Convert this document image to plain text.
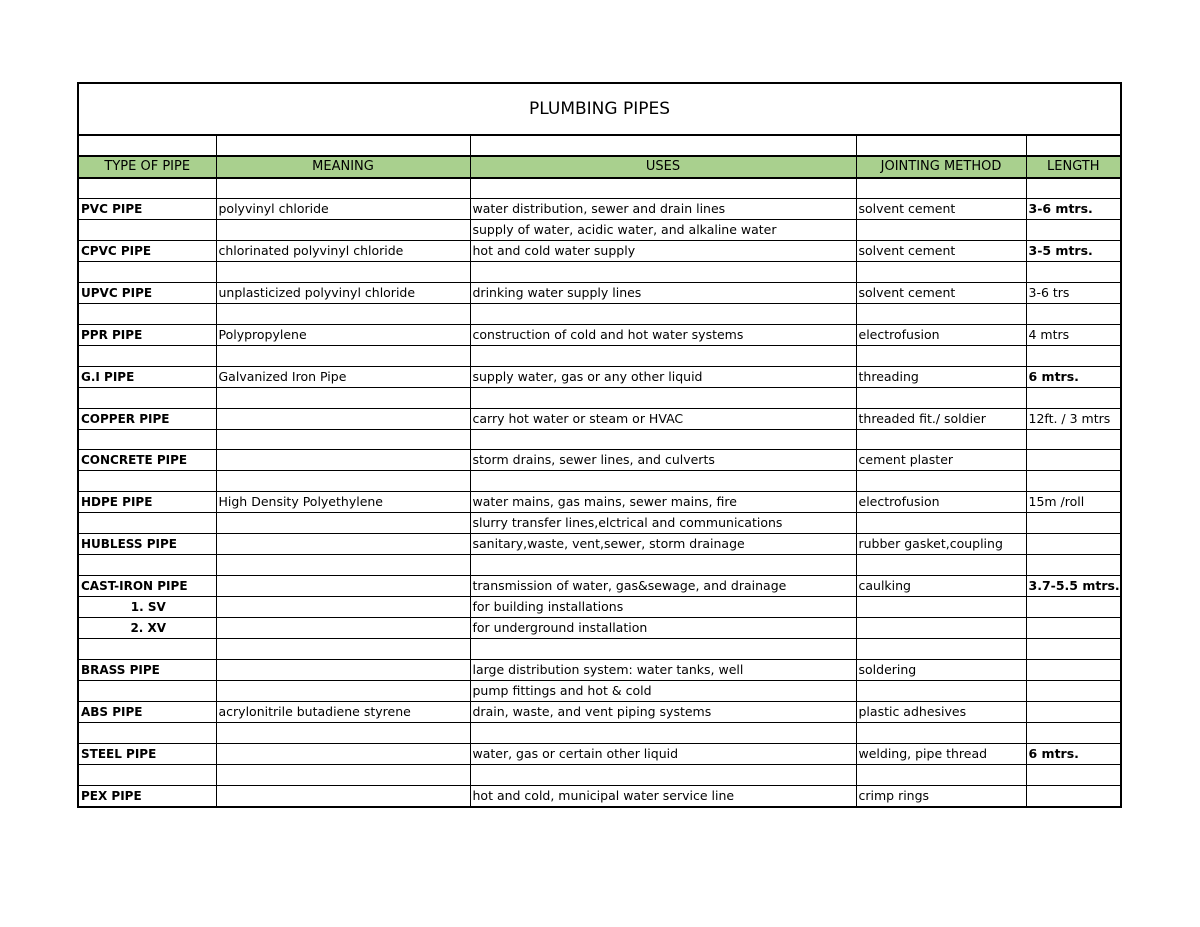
PLUMBING PIPES				

TYPE OF PIPE	MEANING	USES	JOINTING METHOD	LENGTH

PVC PIPE	polyvinyl chloride	water distribution, sewer and drain lines	solvent cement	3-6 mtrs.
		supply of water, acidic water, and alkaline water		
CPVC PIPE	chlorinated polyvinyl chloride	hot and cold water supply	solvent cement	3-5 mtrs.

UPVC PIPE	unplasticized polyvinyl chloride	drinking water supply lines	solvent cement	3-6 trs

PPR PIPE	Polypropylene	construction of cold and hot water systems	electrofusion	4 mtrs

G.I PIPE	Galvanized Iron Pipe	supply water, gas or any other liquid	threading	6 mtrs.

COPPER PIPE		carry hot water or steam or HVAC	threaded fit./ soldier	12ft. / 3 mtrs

CONCRETE PIPE		storm drains, sewer lines, and culverts	cement plaster	

HDPE PIPE	High Density Polyethylene	water mains, gas mains, sewer mains, fire	electrofusion	15m /roll
		slurry transfer lines,elctrical and communications		
HUBLESS PIPE		sanitary,waste, vent,sewer, storm drainage	rubber gasket,coupling	

CAST-IRON PIPE		transmission of water, gas&sewage, and drainage	caulking	3.7-5.5 mtrs.
1. SV		for building installations		
2. XV		for underground installation		

BRASS PIPE		large distribution system: water tanks, well	soldering	
		pump fittings and hot & cold		
ABS PIPE	acrylonitrile butadiene styrene	drain, waste, and vent piping systems	plastic adhesives	

STEEL PIPE		water, gas or certain other liquid	welding, pipe thread	6 mtrs.

PEX PIPE		hot and cold, municipal water service line	crimp rings	
